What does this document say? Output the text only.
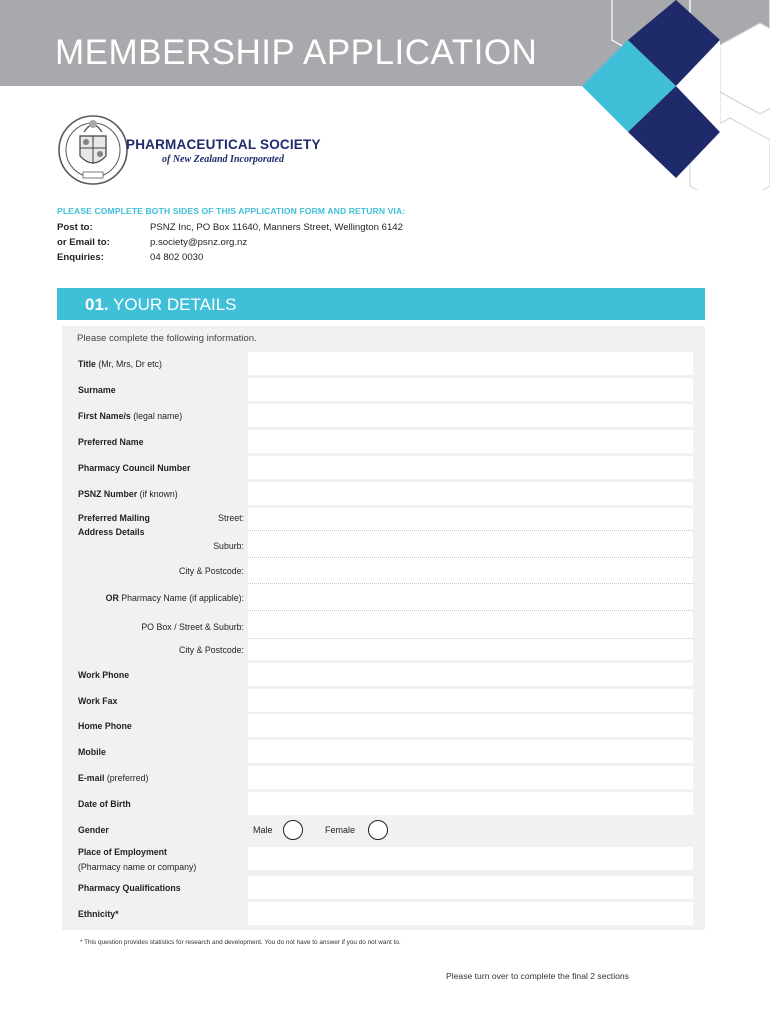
MEMBERSHIP APPLICATION
PHARMACEUTICAL SOCIETY
of New Zealand Incorporated
PLEASE COMPLETE BOTH SIDES OF THIS APPLICATION FORM AND RETURN VIA:
Post to:	PSNZ Inc, PO Box 11640, Manners Street, Wellington 6142
or Email to:	p.society@psnz.org.nz
Enquiries:	04 802 0030
01. YOUR DETAILS
Please complete the following information.
Title (Mr, Mrs, Dr etc)
Surname
First Name/s (legal name)
Preferred Name
Pharmacy Council Number
PSNZ Number (if known)
Preferred Mailing
Address Details
Street:
Suburb:
City & Postcode:
OR Pharmacy Name (if applicable):
PO Box / Street & Suburb:
City & Postcode:
Work Phone
Work Fax
Home Phone
Mobile
E-mail (preferred)
Date of Birth
Gender	Male	Female
Place of Employment
(Pharmacy name or company)
Pharmacy Qualifications
Ethnicity*
* This question provides statistics for research and development. You do not have to answer if you do not want to.
Please turn over to complete the final 2 sections
